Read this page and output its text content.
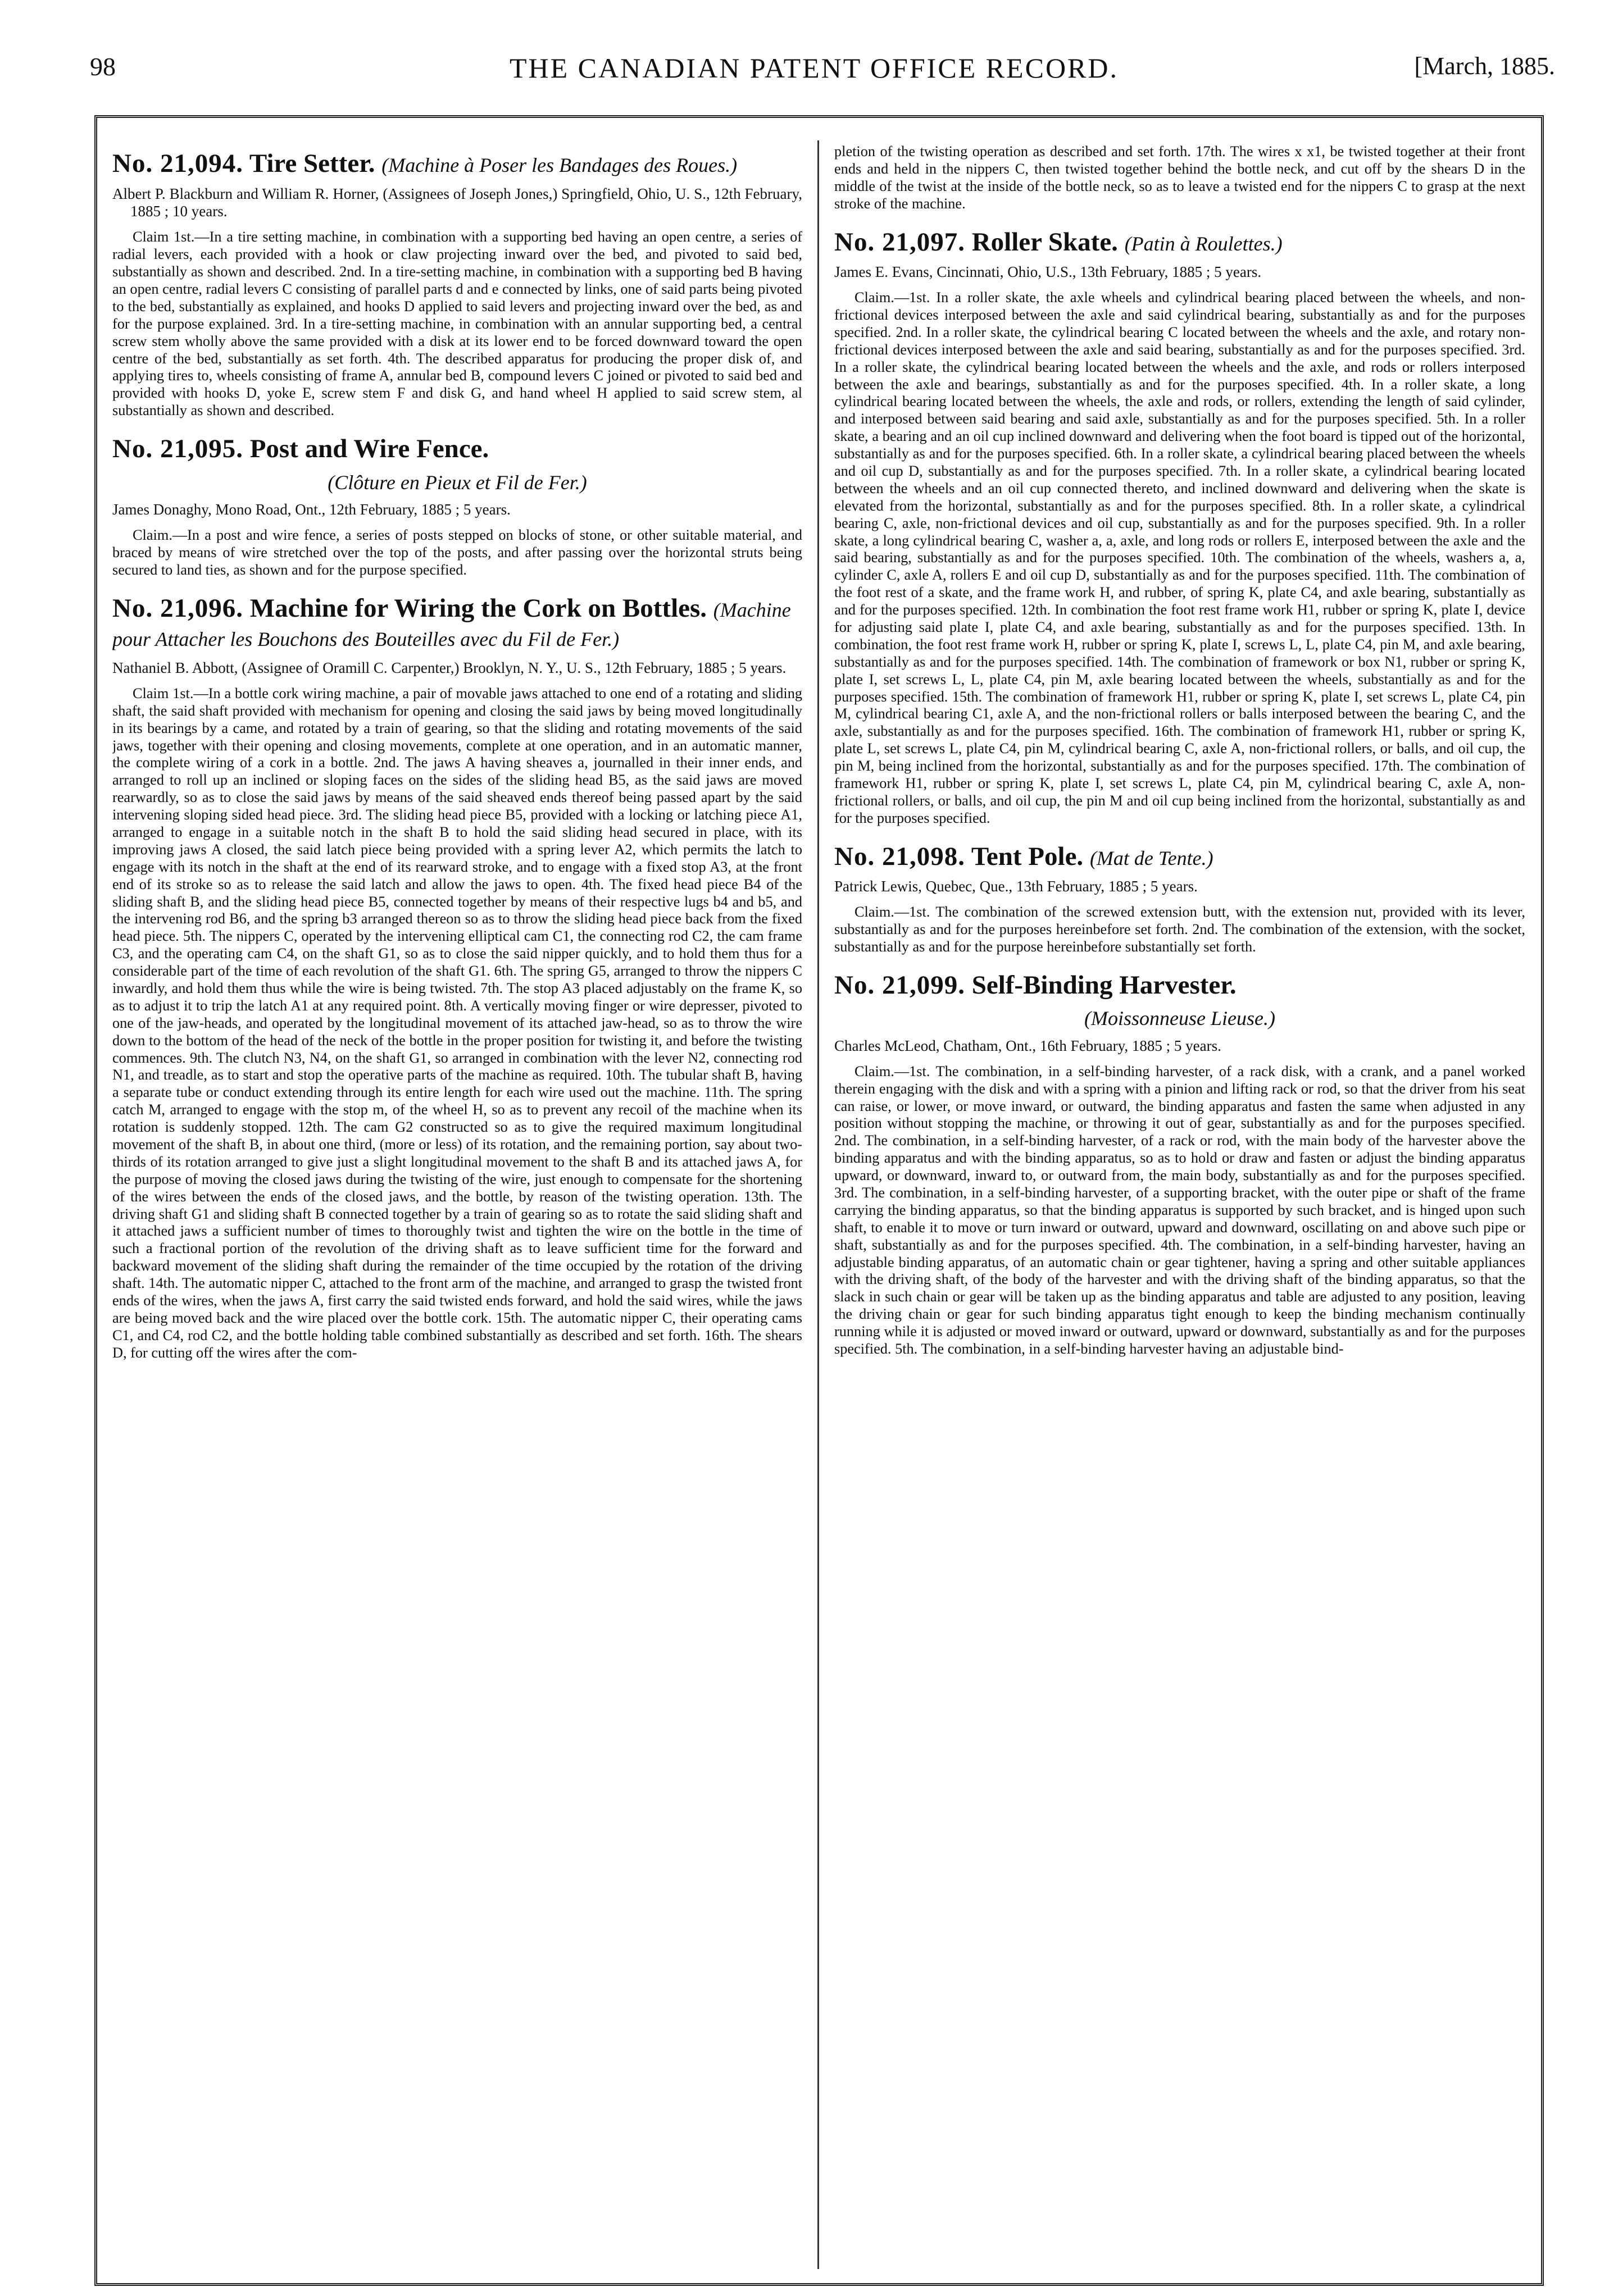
98	THE CANADIAN PATENT OFFICE RECORD.	[March, 1885.
No. 21,094. Tire Setter. (Machine à Poser les Bandages des Roues.)
Albert P. Blackburn and William R. Horner, (Assignees of Joseph Jones,) Springfield, Ohio, U. S., 12th February, 1885 ; 10 years.

Claim 1st.—In a tire setting machine, in combination with a supporting bed having an open centre, a series of radial levers, each provided with a hook or claw projecting inward over the bed, and pivoted to said bed, substantially as shown and described. 2nd. In a tire-setting machine, in combination with a supporting bed B having an open centre, radial levers C consisting of parallel parts d and e connected by links, one of said parts being pivoted to the bed, substantially as explained, and hooks D applied to said levers and projecting inward over the bed, as and for the purpose explained. 3rd. In a tire-setting machine, in combination with an annular supporting bed, a central screw stem wholly above the same provided with a disk at its lower end to be forced downward toward the open centre of the bed, substantially as set forth. 4th. The described apparatus for producing the proper disk of, and applying tires to, wheels consisting of frame A, annular bed B, compound levers C joined or pivoted to said bed and provided with hooks D, yoke E, screw stem F and disk G, and hand wheel H applied to said screw stem, al substantially as shown and described.

No. 21,095. Post and Wire Fence.
(Clôture en Pieux et Fil de Fer.)
James Donaghy, Mono Road, Ont., 12th February, 1885 ; 5 years.

Claim.—In a post and wire fence, a series of posts stepped on blocks of stone, or other suitable material, and braced by means of wire stretched over the top of the posts, and after passing over the horizontal struts being secured to land ties, as shown and for the purpose specified.

No. 21,096. Machine for Wiring the Cork on Bottles. (Machine pour Attacher les Bouchons des Bouteilles avec du Fil de Fer.)
Nathaniel B. Abbott, (Assignee of Oramill C. Carpenter,) Brooklyn, N. Y., U. S., 12th February, 1885 ; 5 years.

Claim 1st.—In a bottle cork wiring machine, a pair of movable jaws attached to one end of a rotating and sliding shaft, the said shaft provided with mechanism for opening and closing the said jaws by being moved longitudinally in its bearings by a came, and rotated by a train of gearing, so that the sliding and rotating movements of the said jaws, together with their opening and closing movements, complete at one operation, and in an automatic manner, the complete wiring of a cork in a bottle. 2nd. The jaws A having sheaves a, journalled in their inner ends, and arranged to roll up an inclined or sloping faces on the sides of the sliding head B5, as the said jaws are moved rearwardly, so as to close the said jaws by means of the said sheaved ends thereof being passed apart by the said intervening sloping sided head piece. 3rd. The sliding head piece B5, provided with a locking or latching piece A1, arranged to engage in a suitable notch in the shaft B to hold the said sliding head secured in place, with its improving jaws A closed, the said latch piece being provided with a spring lever A2, which permits the latch to engage with its notch in the shaft at the end of its rearward stroke, and to engage with a fixed stop A3, at the front end of its stroke so as to release the said latch and allow the jaws to open. 4th. The fixed head piece B4 of the sliding shaft B, and the sliding head piece B5, connected together by means of their respective lugs b4 and b5, and the intervening rod B6, and the spring b3 arranged thereon so as to throw the sliding head piece back from the fixed head piece. 5th. The nippers C, operated by the intervening elliptical cam C1, the connecting rod C2, the cam frame C3, and the operating cam C4, on the shaft G1, so as to close the said nipper quickly, and to hold them thus for a considerable part of the time of each revolution of the shaft G1. 6th. The spring G5, arranged to throw the nippers C inwardly, and hold them thus while the wire is being twisted. 7th. The stop A3 placed adjustably on the frame K, so as to adjust it to trip the latch A1 at any required point. 8th. A vertically moving finger or wire depresser, pivoted to one of the jaw-heads, and operated by the longitudinal movement of its attached jaw-head, so as to throw the wire down to the bottom of the head of the neck of the bottle in the proper position for twisting it, and before the twisting commences. 9th. The clutch N3, N4, on the shaft G1, so arranged in combination with the lever N2, connecting rod N1, and treadle, as to start and stop the operative parts of the machine as required. 10th. The tubular shaft B, having a separate tube or conduct extending through its entire length for each wire used out the machine. 11th. The spring catch M, arranged to engage with the stop m, of the wheel H, so as to prevent any recoil of the machine when its rotation is suddenly stopped. 12th. The cam G2 constructed so as to give the required maximum longitudinal movement of the shaft B, in about one third, (more or less) of its rotation, and the remaining portion, say about two-thirds of its rotation arranged to give just a slight longitudinal movement to the shaft B and its attached jaws A, for the purpose of moving the closed jaws during the twisting of the wire, just enough to compensate for the shortening of the wires between the ends of the closed jaws, and the bottle, by reason of the twisting operation. 13th. The driving shaft G1 and sliding shaft B connected together by a train of gearing so as to rotate the said sliding shaft and it attached jaws a sufficient number of times to thoroughly twist and tighten the wire on the bottle in the time of such a fractional portion of the revolution of the driving shaft as to leave sufficient time for the forward and backward movement of the sliding shaft during the remainder of the time occupied by the rotation of the driving shaft. 14th. The automatic nipper C, attached to the front arm of the machine, and arranged to grasp the twisted front ends of the wires, when the jaws A, first carry the said twisted ends forward, and hold the said wires, while the jaws are being moved back and the wire placed over the bottle cork. 15th. The automatic nipper C, their operating cams C1, and C4, rod C2, and the bottle holding table combined substantially as described and set forth. 16th. The shears D, for cutting off the wires after the com-

pletion of the twisting operation as described and set forth. 17th. The wires x x1, be twisted together at their front ends and held in the nippers C, then twisted together behind the bottle neck, and cut off by the shears D in the middle of the twist at the inside of the bottle neck, so as to leave a twisted end for the nippers C to grasp at the next stroke of the machine.

No. 21,097. Roller Skate. (Patin à Roulettes.)
James E. Evans, Cincinnati, Ohio, U.S., 13th February, 1885 ; 5 years.

Claim.—1st. In a roller skate, the axle wheels and cylindrical bearing placed between the wheels, and non-frictional devices interposed between the axle and said cylindrical bearing, substantially as and for the purposes specified. 2nd. In a roller skate, the cylindrical bearing C located between the wheels and the axle, and rotary non-frictional devices interposed between the axle and said bearing, substantially as and for the purposes specified. 3rd. In a roller skate, the cylindrical bearing located between the wheels and the axle, and rods or rollers interposed between the axle and bearings, substantially as and for the purposes specified. 4th. In a roller skate, a long cylindrical bearing located between the wheels, the axle and rods, or rollers, extending the length of said cylinder, and interposed between said bearing and said axle, substantially as and for the purposes specified. 5th. In a roller skate, a bearing and an oil cup inclined downward and delivering when the foot board is tipped out of the horizontal, substantially as and for the purposes specified. 6th. In a roller skate, a cylindrical bearing placed between the wheels and oil cup D, substantially as and for the purposes specified. 7th. In a roller skate, a cylindrical bearing located between the wheels and an oil cup connected thereto, and inclined downward and delivering when the skate is elevated from the horizontal, substantially as and for the purposes specified. 8th. In a roller skate, a cylindrical bearing C, axle, non-frictional devices and oil cup, substantially as and for the purposes specified. 9th. In a roller skate, a long cylindrical bearing C, washer a, a, axle, and long rods or rollers E, interposed between the axle and the said bearing, substantially as and for the purposes specified. 10th. The combination of the wheels, washers a, a, cylinder C, axle A, rollers E and oil cup D, substantially as and for the purposes specified. 11th. The combination of the foot rest of a skate, and the frame work H, and rubber, of spring K, plate C4, and axle bearing, substantially as and for the purposes specified. 12th. In combination the foot rest frame work H1, rubber or spring K, plate I, device for adjusting said plate I, plate C4, and axle bearing, substantially as and for the purposes specified. 13th. In combination, the foot rest frame work H, rubber or spring K, plate I, screws L, L, plate C4, pin M, and axle bearing, substantially as and for the purposes specified. 14th. The combination of framework or box N1, rubber or spring K, plate I, set screws L, L, plate C4, pin M, axle bearing located between the wheels, substantially as and for the purposes specified. 15th. The combination of framework H1, rubber or spring K, plate I, set screws L, plate C4, pin M, cylindrical bearing C1, axle A, and the non-frictional rollers or balls interposed between the bearing C, and the axle, substantially as and for the purposes specified. 16th. The combination of framework H1, rubber or spring K, plate L, set screws L, plate C4, pin M, cylindrical bearing C, axle A, non-frictional rollers, or balls, and oil cup, the pin M, being inclined from the horizontal, substantially as and for the purposes specified. 17th. The combination of framework H1, rubber or spring K, plate I, set screws L, plate C4, pin M, cylindrical bearing C, axle A, non-frictional rollers, or balls, and oil cup, the pin M and oil cup being inclined from the horizontal, substantially as and for the purposes specified.

No. 21,098. Tent Pole. (Mat de Tente.)
Patrick Lewis, Quebec, Que., 13th February, 1885 ; 5 years.

Claim.—1st. The combination of the screwed extension butt, with the extension nut, provided with its lever, substantially as and for the purposes hereinbefore set forth. 2nd. The combination of the extension, with the socket, substantially as and for the purpose hereinbefore substantially set forth.

No. 21,099. Self-Binding Harvester.
(Moissonneuse Lieuse.)
Charles McLeod, Chatham, Ont., 16th February, 1885 ; 5 years.

Claim.—1st. The combination, in a self-binding harvester, of a rack disk, with a crank, and a panel worked therein engaging with the disk and with a spring with a pinion and lifting rack or rod, so that the driver from his seat can raise, or lower, or move inward, or outward, the binding apparatus and fasten the same when adjusted in any position without stopping the machine, or throwing it out of gear, substantially as and for the purposes specified. 2nd. The combination, in a self-binding harvester, of a rack or rod, with the main body of the harvester above the binding apparatus and with the binding apparatus, so as to hold or draw and fasten or adjust the binding apparatus upward, or downward, inward to, or outward from, the main body, substantially as and for the purposes specified. 3rd. The combination, in a self-binding harvester, of a supporting bracket, with the outer pipe or shaft of the frame carrying the binding apparatus, so that the binding apparatus is supported by such bracket, and is hinged upon such shaft, to enable it to move or turn inward or outward, upward and downward, oscillating on and above such pipe or shaft, substantially as and for the purposes specified. 4th. The combination, in a self-binding harvester, having an adjustable binding apparatus, of an automatic chain or gear tightener, having a spring and other suitable appliances with the driving shaft, of the body of the harvester and with the driving shaft of the binding apparatus, so that the slack in such chain or gear will be taken up as the binding apparatus and table are adjusted to any position, leaving the driving chain or gear for such binding apparatus tight enough to keep the binding mechanism continually running while it is adjusted or moved inward or outward, upward or downward, substantially as and for the purposes specified. 5th. The combination, in a self-binding harvester having an adjustable bind-
